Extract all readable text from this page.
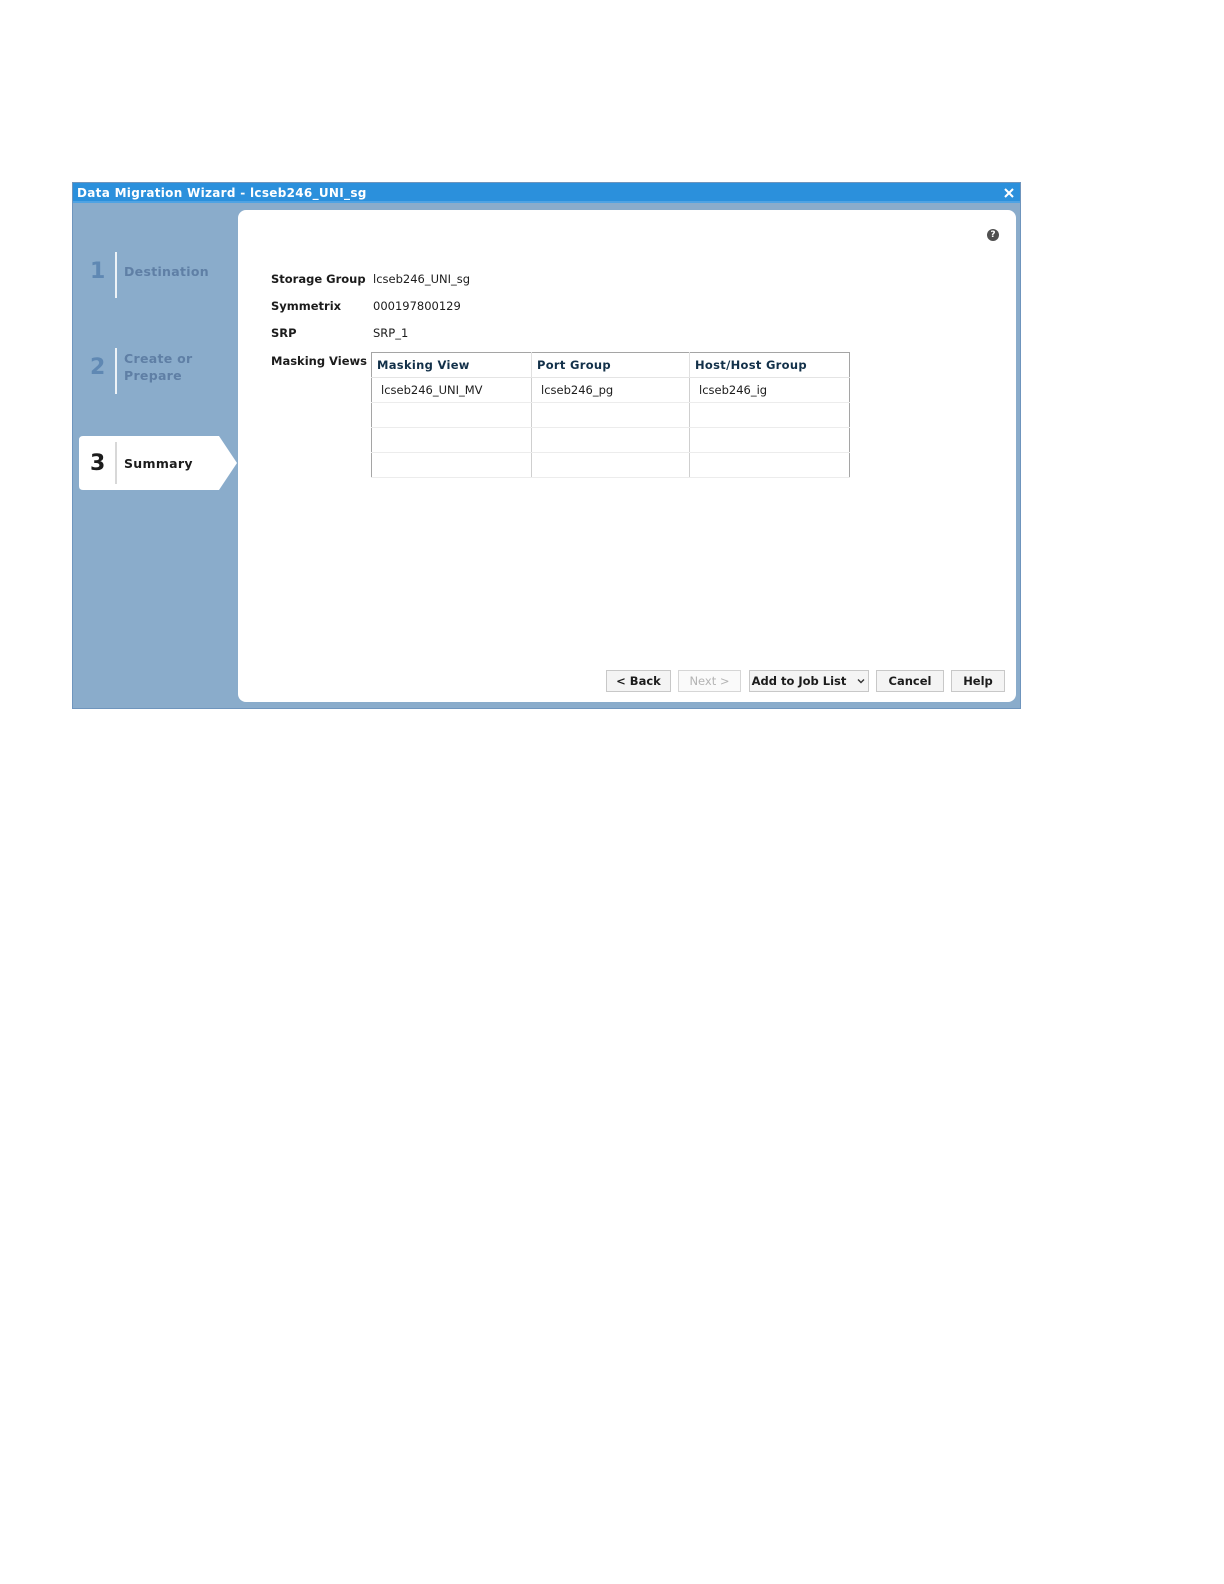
Data Migration Wizard - lcseb246_UNI_sg
1	Destination
2	Create or
Prepare
3	Summary
?
Storage Group lcseb246_UNI_sg
Symmetrix	000197800129
SRP	SRP_1
Masking Views Masking View	Port Group	Host/Host Group
lcseb246_UNI_MV	lcseb246_pg	lcseb246_ig

< Back	Next >	Add to Job List	Cancel	Help
